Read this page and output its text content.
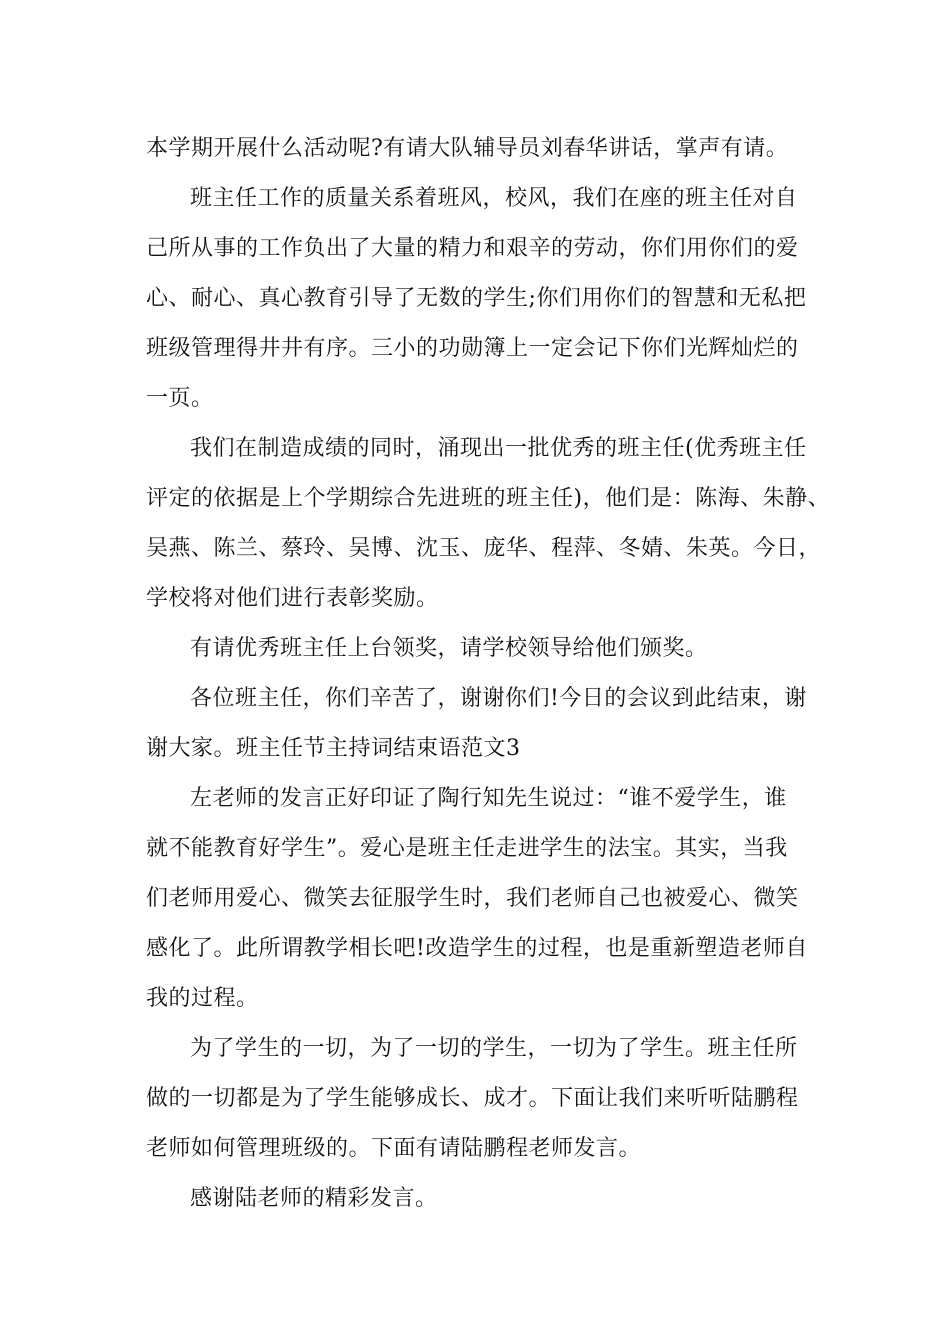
本学期开展什么活动呢?有请大队辅导员刘春华讲话，掌声有请。
班主任工作的质量关系着班风，校风，我们在座的班主任对自
己所从事的工作负出了大量的精力和艰辛的劳动，你们用你们的爱
心、耐心、真心教育引导了无数的学生;你们用你们的智慧和无私把
班级管理得井井有序。三小的功勋簿上一定会记下你们光辉灿烂的
一页。
我们在制造成绩的同时，涌现出一批优秀的班主任(优秀班主任
评定的依据是上个学期综合先进班的班主任)，他们是：陈海、朱静、
吴燕、陈兰、蔡玲、吴博、沈玉、庞华、程萍、冬婧、朱英。今日，
学校将对他们进行表彰奖励。
有请优秀班主任上台领奖，请学校领导给他们颁奖。
各位班主任，你们辛苦了，谢谢你们!今日的会议到此结束，谢
谢大家。班主任节主持词结束语范文3
左老师的发言正好印证了陶行知先生说过：“谁不爱学生，谁
就不能教育好学生”。爱心是班主任走进学生的法宝。其实，当我
们老师用爱心、微笑去征服学生时，我们老师自己也被爱心、微笑
感化了。此所谓教学相长吧!改造学生的过程，也是重新塑造老师自
我的过程。
为了学生的一切，为了一切的学生，一切为了学生。班主任所
做的一切都是为了学生能够成长、成才。下面让我们来听听陆鹏程
老师如何管理班级的。下面有请陆鹏程老师发言。
感谢陆老师的精彩发言。
